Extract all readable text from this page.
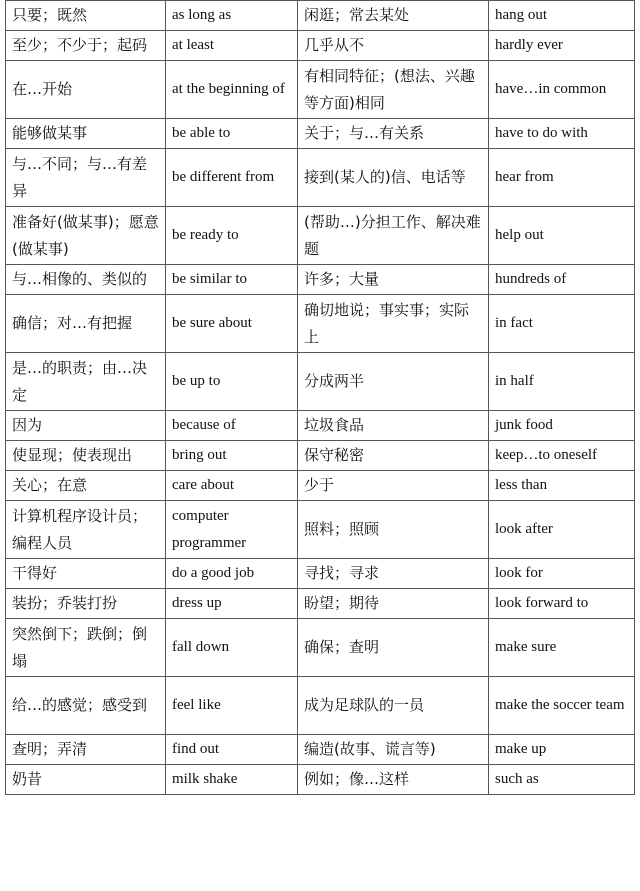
只要；既然	as long as	闲逛；常去某处	hang out
至少；不少于；起码	at least	几乎从不	hardly ever
在…开始	at the beginning of	有相同特征；(想法、兴趣等方面)相同	have…in common
能够做某事	be able to	关于；与…有关系	have to do with
与…不同；与…有差异	be different from	接到(某人的)信、电话等	hear from
准备好(做某事)；愿意(做某事)	be ready to	(帮助…)分担工作、解决难题	help out
与…相像的、类似的	be similar to	许多；大量	hundreds of
确信；对…有把握	be sure about	确切地说；事实事；实际上	in fact
是…的职责；由…决定	be up to	分成两半	in half
因为	because of	垃圾食品	junk food
使显现；使表现出	bring out	保守秘密	keep…to oneself
关心；在意	care about	少于	less than
计算机程序设计员；编程人员	computer programmer	照料；照顾	look after
干得好	do a good job	寻找；寻求	look for
装扮；乔装打扮	dress up	盼望；期待	look forward to
突然倒下；跌倒；倒塌	fall down	确保；查明	make sure
给…的感觉；感受到	feel like	成为足球队的一员	make the soccer team
查明；弄清	find out	编造(故事、谎言等)	make up
奶昔	milk shake	例如；像…这样	such as
